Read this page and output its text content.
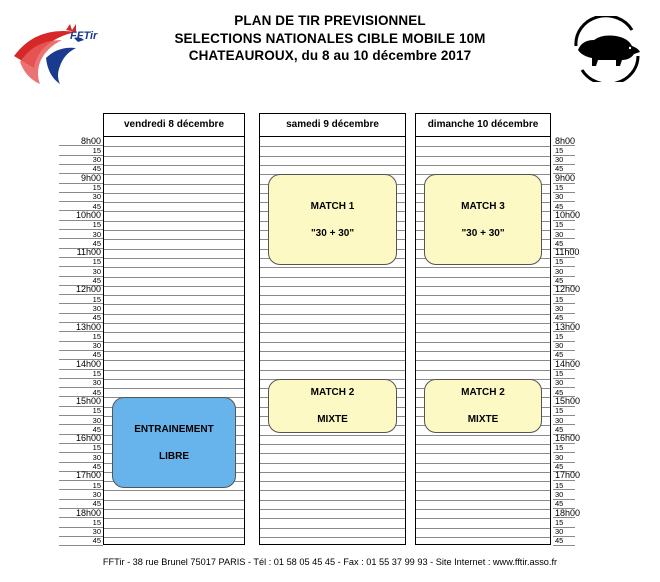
PLAN DE TIR PREVISIONNEL
SELECTIONS NATIONALES CIBLE MOBILE 10M
CHATEAUROUX, du 8 au 10 décembre 2017
FFTir
8h00
15
30
45
9h00
15
30
45
10h00
15
30
45
11h00
15
30
45
12h00
15
30
45
13h00
15
30
45
14h00
15
30
45
15h00
15
30
45
16h00
15
30
45
17h00
15
30
45
18h00
15
30
45
8h00
15
30
45
9h00
15
30
45
10h00
15
30
45
11h00
15
30
45
12h00
15
30
45
13h00
15
30
45
14h00
15
30
45
15h00
15
30
45
16h00
15
30
45
17h00
15
30
45
18h00
15
30
45
vendredi 8 décembre	samedi 9 décembre	dimanche 10 décembre
MATCH 1
"30 + 30"
MATCH 3
"30 + 30"
MATCH 2
MIXTE
MATCH 2
MIXTE
ENTRAINEMENT
LIBRE
FFTir - 38 rue Brunel 75017 PARIS - Tél : 01 58 05 45 45 - Fax : 01 55 37 99 93 - Site Internet : www.fftir.asso.fr
